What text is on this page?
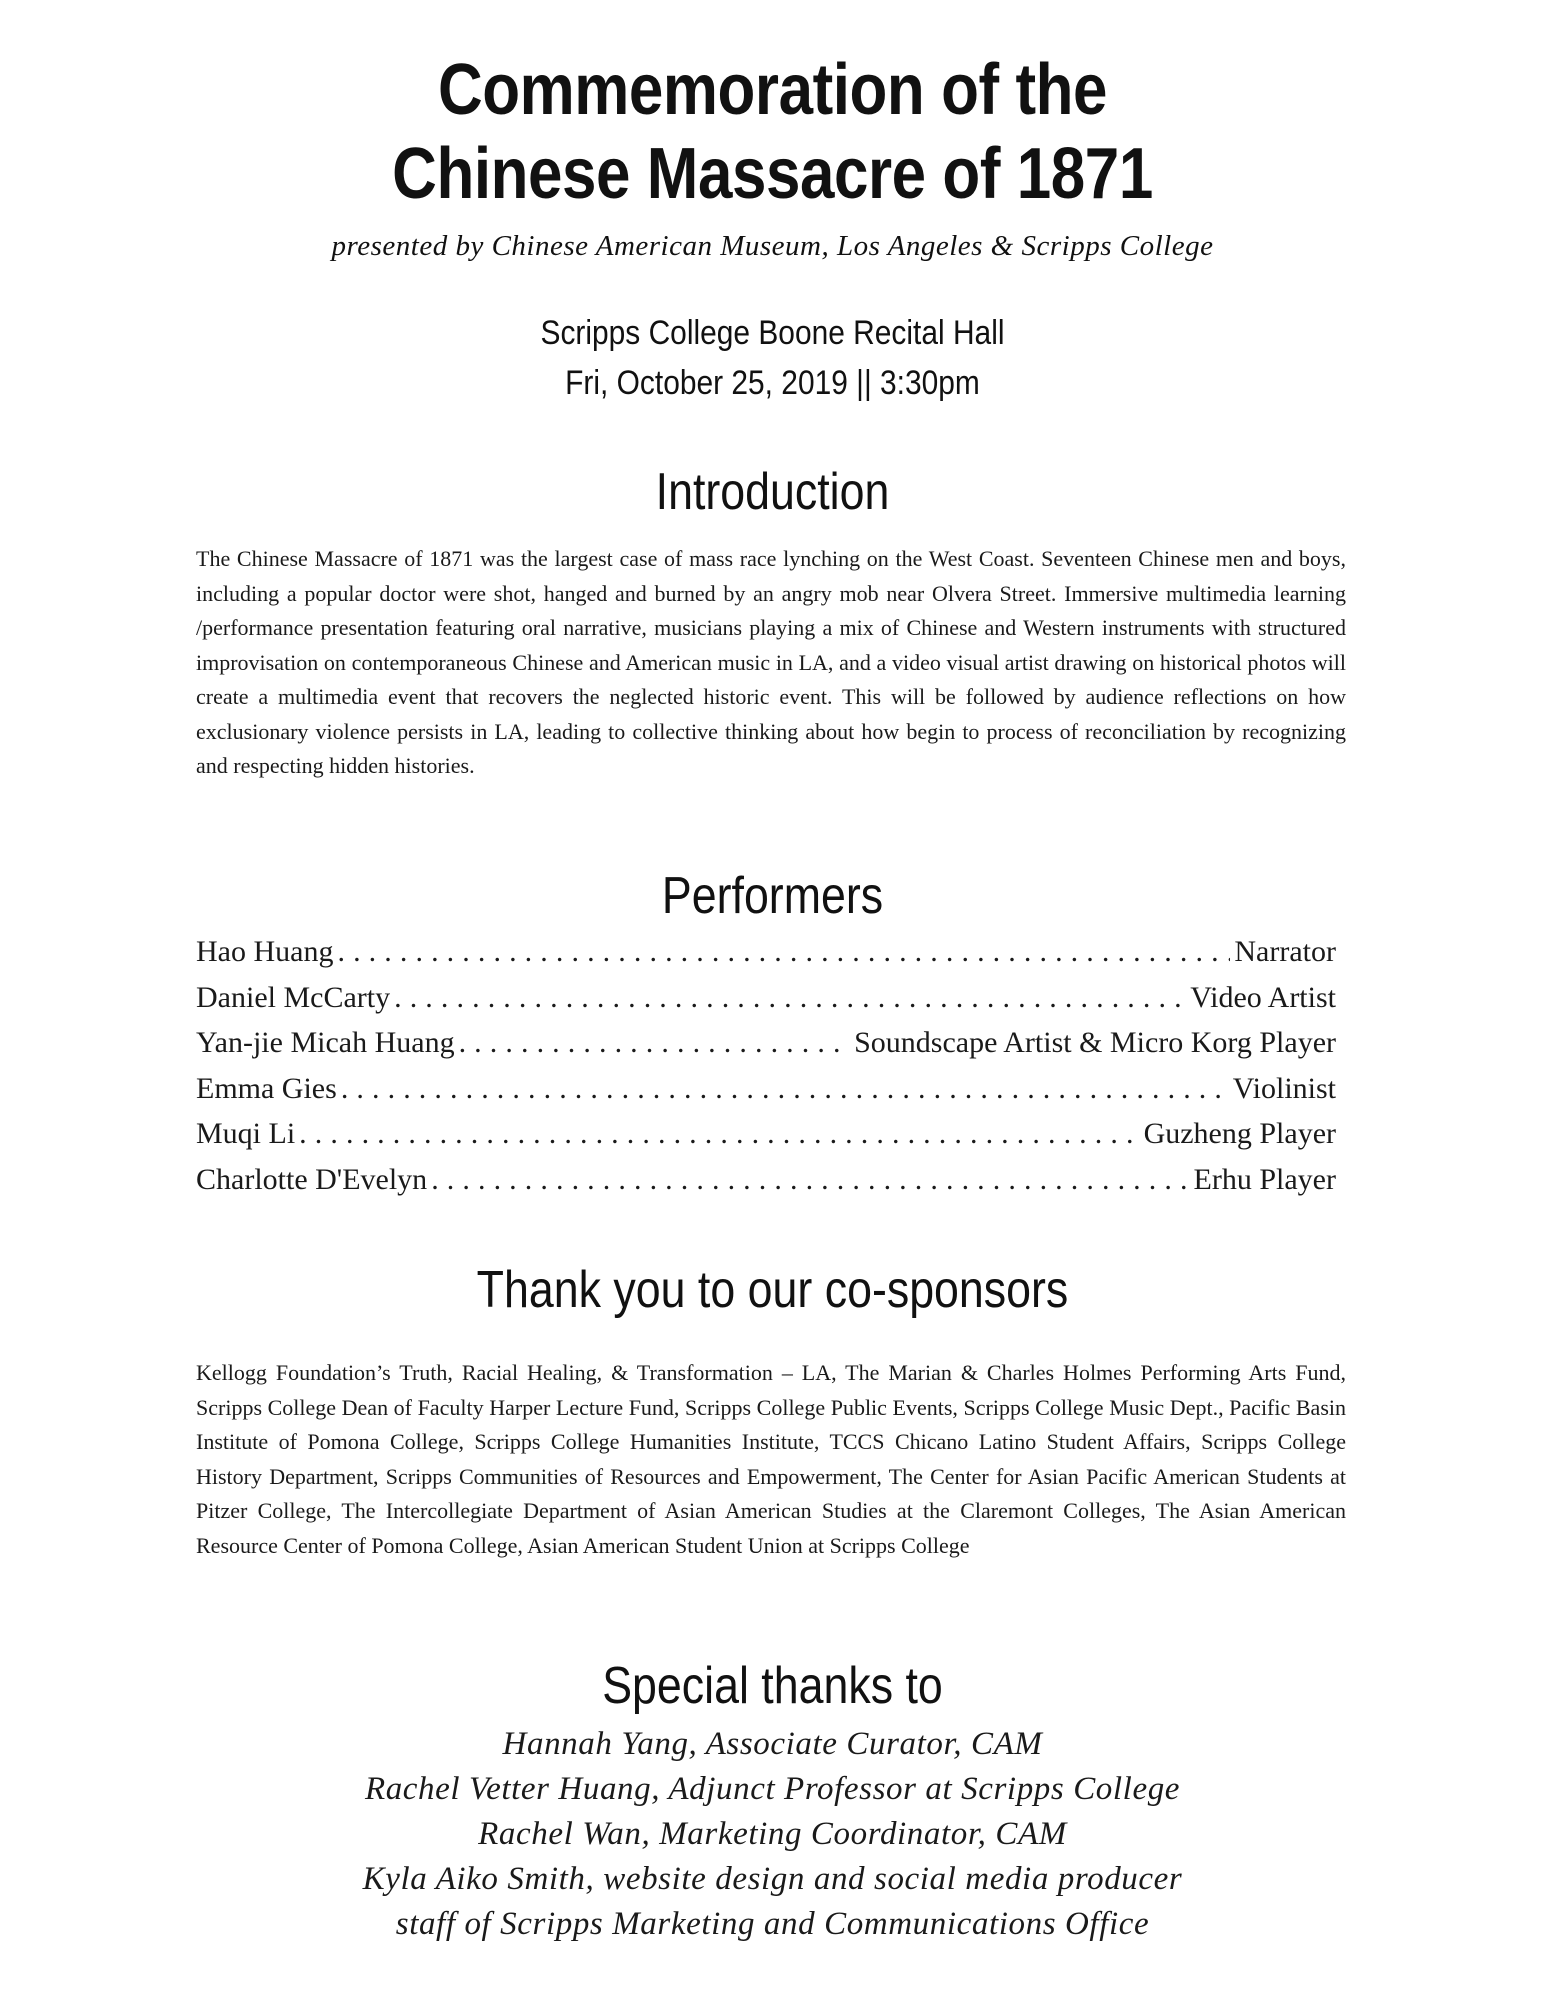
Commemoration of the
Chinese Massacre of 1871
presented by Chinese American Museum, Los Angeles & Scripps College
Scripps College Boone Recital Hall
Fri, October 25, 2019 || 3:30pm
Introduction
The Chinese Massacre of 1871 was the largest case of mass race lynching on the West Coast. Seventeen Chinese men and boys, including a popular doctor were shot, hanged and burned by an angry mob near Olvera Street. Immersive multimedia learning /performance presentation featuring oral narrative, musicians playing a mix of Chinese and Western instruments with structured improvisation on contemporaneous Chinese and American music in LA, and a video visual artist drawing on historical photos will create a multimedia event that recovers the neglected historic event. This will be followed by audience reflections on how exclusionary violence persists in LA, leading to collective thinking about how begin to process of reconciliation by recognizing and respecting hidden histories.
Performers
Hao Huang . . .	Narrator
Daniel McCarty . . .	Video Artist
Yan-jie Micah Huang . . .	Soundscape Artist & Micro Korg Player
Emma Gies . . .	Violinist
Muqi Li . . .	Guzheng Player
Charlotte D'Evelyn . . .	Erhu Player
Thank you to our co-sponsors
Kellogg Foundation’s Truth, Racial Healing, & Transformation – LA, The Marian & Charles Holmes Performing Arts Fund, Scripps College Dean of Faculty Harper Lecture Fund, Scripps College Public Events, Scripps College Music Dept., Pacific Basin Institute of Pomona College, Scripps College Humanities Institute, TCCS Chicano Latino Student Affairs, Scripps College History Department, Scripps Communities of Resources and Empowerment, The Center for Asian Pacific American Students at Pitzer College, The Intercollegiate Department of Asian American Studies at the Claremont Colleges, The Asian American Resource Center of Pomona College, Asian American Student Union at Scripps College
Special thanks to
Hannah Yang, Associate Curator, CAM
Rachel Vetter Huang, Adjunct Professor at Scripps College
Rachel Wan, Marketing Coordinator, CAM
Kyla Aiko Smith, website design and social media producer
staff of Scripps Marketing and Communications Office
